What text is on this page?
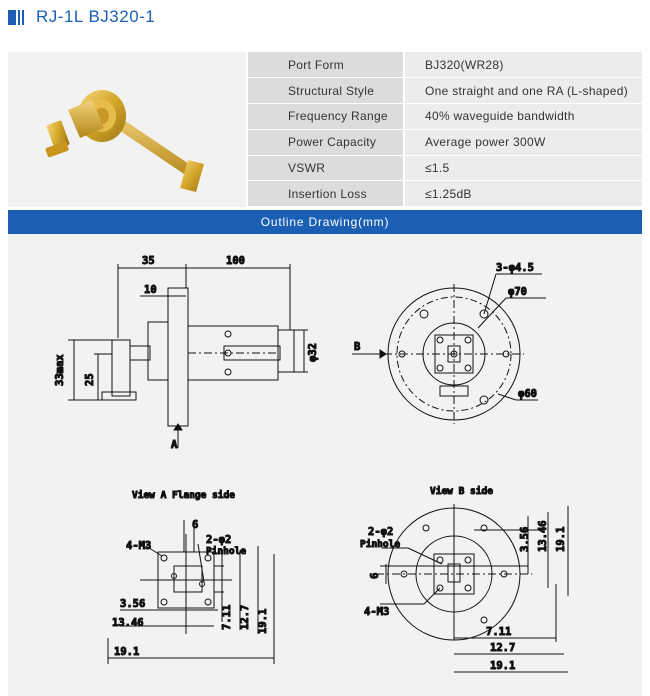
RJ-1L BJ320-1
Port Form	BJ320(WR28)
Structural Style	One straight and one RA (L-shaped)
Frequency Range	40% waveguide bandwidth
Power Capacity	Average power 300W
VSWR	≤1.5
Insertion Loss	≤1.25dB
Outline Drawing(mm)
35	100
10
33max 25
φ32
A
3-φ4.5
φ70
φ60
B
View A Flange side
4-M3
6
2-φ2
Pinhole
3.56
13.46	7.11 12.7 19.1
19.1
View B side
2-φ2
Pinhole	3.56 13.46 19.1
6
4-M3
7.11
12.7
19.1
